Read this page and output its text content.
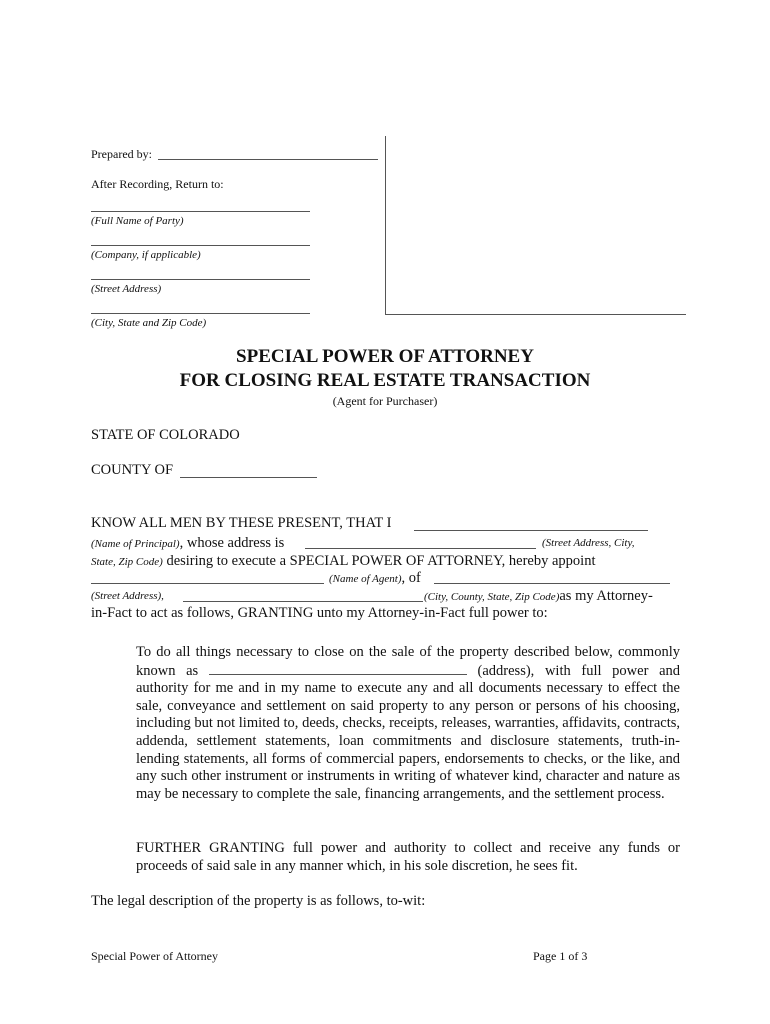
Prepared by:
After Recording, Return to:
(Full Name of Party)
(Company, if applicable)
(Street Address)
(City, State and Zip Code)
SPECIAL POWER OF ATTORNEY
FOR CLOSING REAL ESTATE TRANSACTION
(Agent for Purchaser)
STATE OF COLORADO
COUNTY OF
KNOW ALL MEN BY THESE PRESENT, THAT I
(Name of Principal), whose address is	(Street Address, City,
State, Zip Code) desiring to execute a SPECIAL POWER OF ATTORNEY, hereby appoint
(Name of Agent), of
(Street Address),	(City, County, State, Zip Code)as my Attorney-
in-Fact to act as follows, GRANTING unto my Attorney-in-Fact full power to:
To do all things necessary to close on the sale of the property described below, commonly known as	(address), with full power and authority for me and in my name to execute any and all documents necessary to effect the sale, conveyance and settlement on said property to any person or persons of his choosing, including but not limited to, deeds, checks, receipts, releases, warranties, affidavits, contracts, addenda, settlement statements, loan commitments and disclosure statements, truth-in-lending statements, all forms of commercial papers, endorsements to checks, or the like, and any such other instrument or instruments in writing of whatever kind, character and nature as may be necessary to complete the sale, financing arrangements, and the settlement process.
FURTHER GRANTING full power and authority to collect and receive any funds or proceeds of said sale in any manner which, in his sole discretion, he sees fit.
The legal description of the property is as follows, to-wit:
Special Power of Attorney	Page 1 of 3
